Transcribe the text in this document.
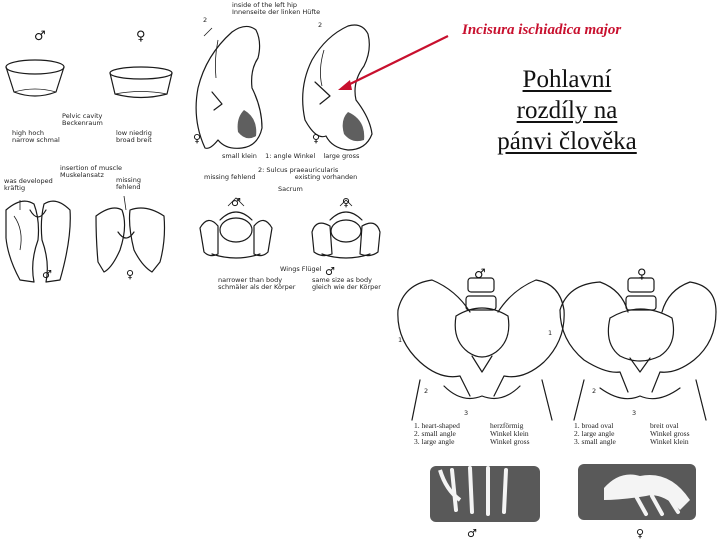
♂	♀
♀	♀
♂	♀
♂	♀
♂	♂	♀
♂	♀
inside of the left hip
Innenseite der linken Hüfte
2
2
Pelvic cavity
Beckenraum
high hoch
narrow schmal
low niedrig
broad breit
insertion of muscle
Muskelansatz
was developed
kräftig
missing
fehlend
small klein 1: angle Winkel large gross
2: Sulcus praeauricularis
missing fehlend	existing vorhanden
Sacrum
Wings Flügel
narrower than body
schmäler als der Körper
same size as body
gleich wie der Körper
1
2
3
1
2
3
1. heart-shaped
2. small angle
3. large angle
herzförmig
Winkel klein
Winkel gross
1. broad oval
2. large angle
3. small angle
breit oval
Winkel gross
Winkel klein
Incisura ischiadica major
Pohlavní
rozdíly na
pánvi člověka
